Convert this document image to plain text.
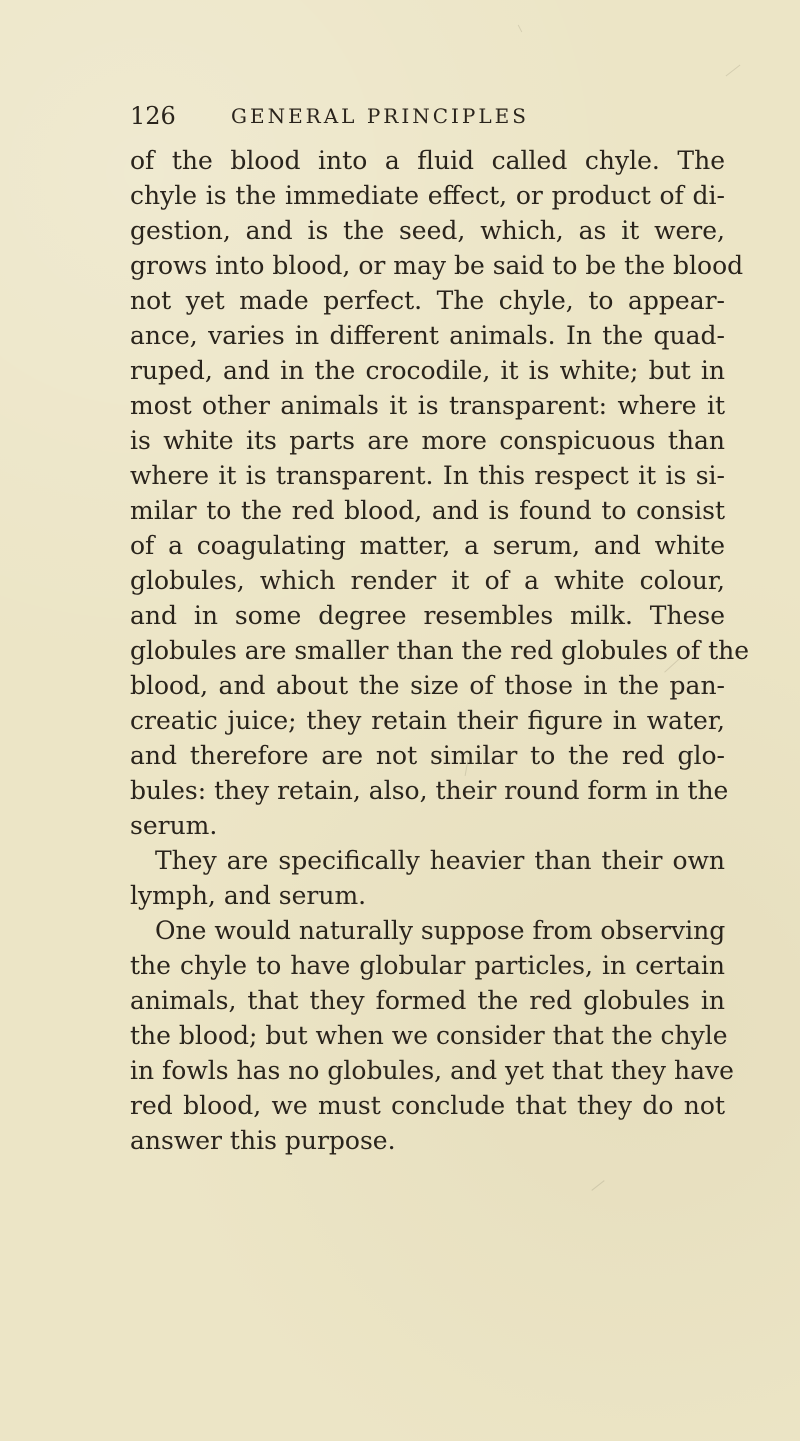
126	GENERAL PRINCIPLES
of the blood into a fluid called chyle. The
chyle is the immediate effect, or product of di-
gestion, and is the seed, which, as it were,
grows into blood, or may be said to be the blood
not yet made perfect. The chyle, to appear-
ance, varies in different animals. In the quad-
ruped, and in the crocodile, it is white; but in
most other animals it is transparent: where it
is white its parts are more conspicuous than
where it is transparent. In this respect it is si-
milar to the red blood, and is found to consist
of a coagulating matter, a serum, and white
globules, which render it of a white colour,
and in some degree resembles milk. These
globules are smaller than the red globules of the
blood, and about the size of those in the pan-
creatic juice; they retain their figure in water,
and therefore are not similar to the red glo-
bules: they retain, also, their round form in the
serum.
They are specifically heavier than their own
lymph, and serum.
One would naturally suppose from observing
the chyle to have globular particles, in certain
animals, that they formed the red globules in
the blood; but when we consider that the chyle
in fowls has no globules, and yet that they have
red blood, we must conclude that they do not
answer this purpose.
